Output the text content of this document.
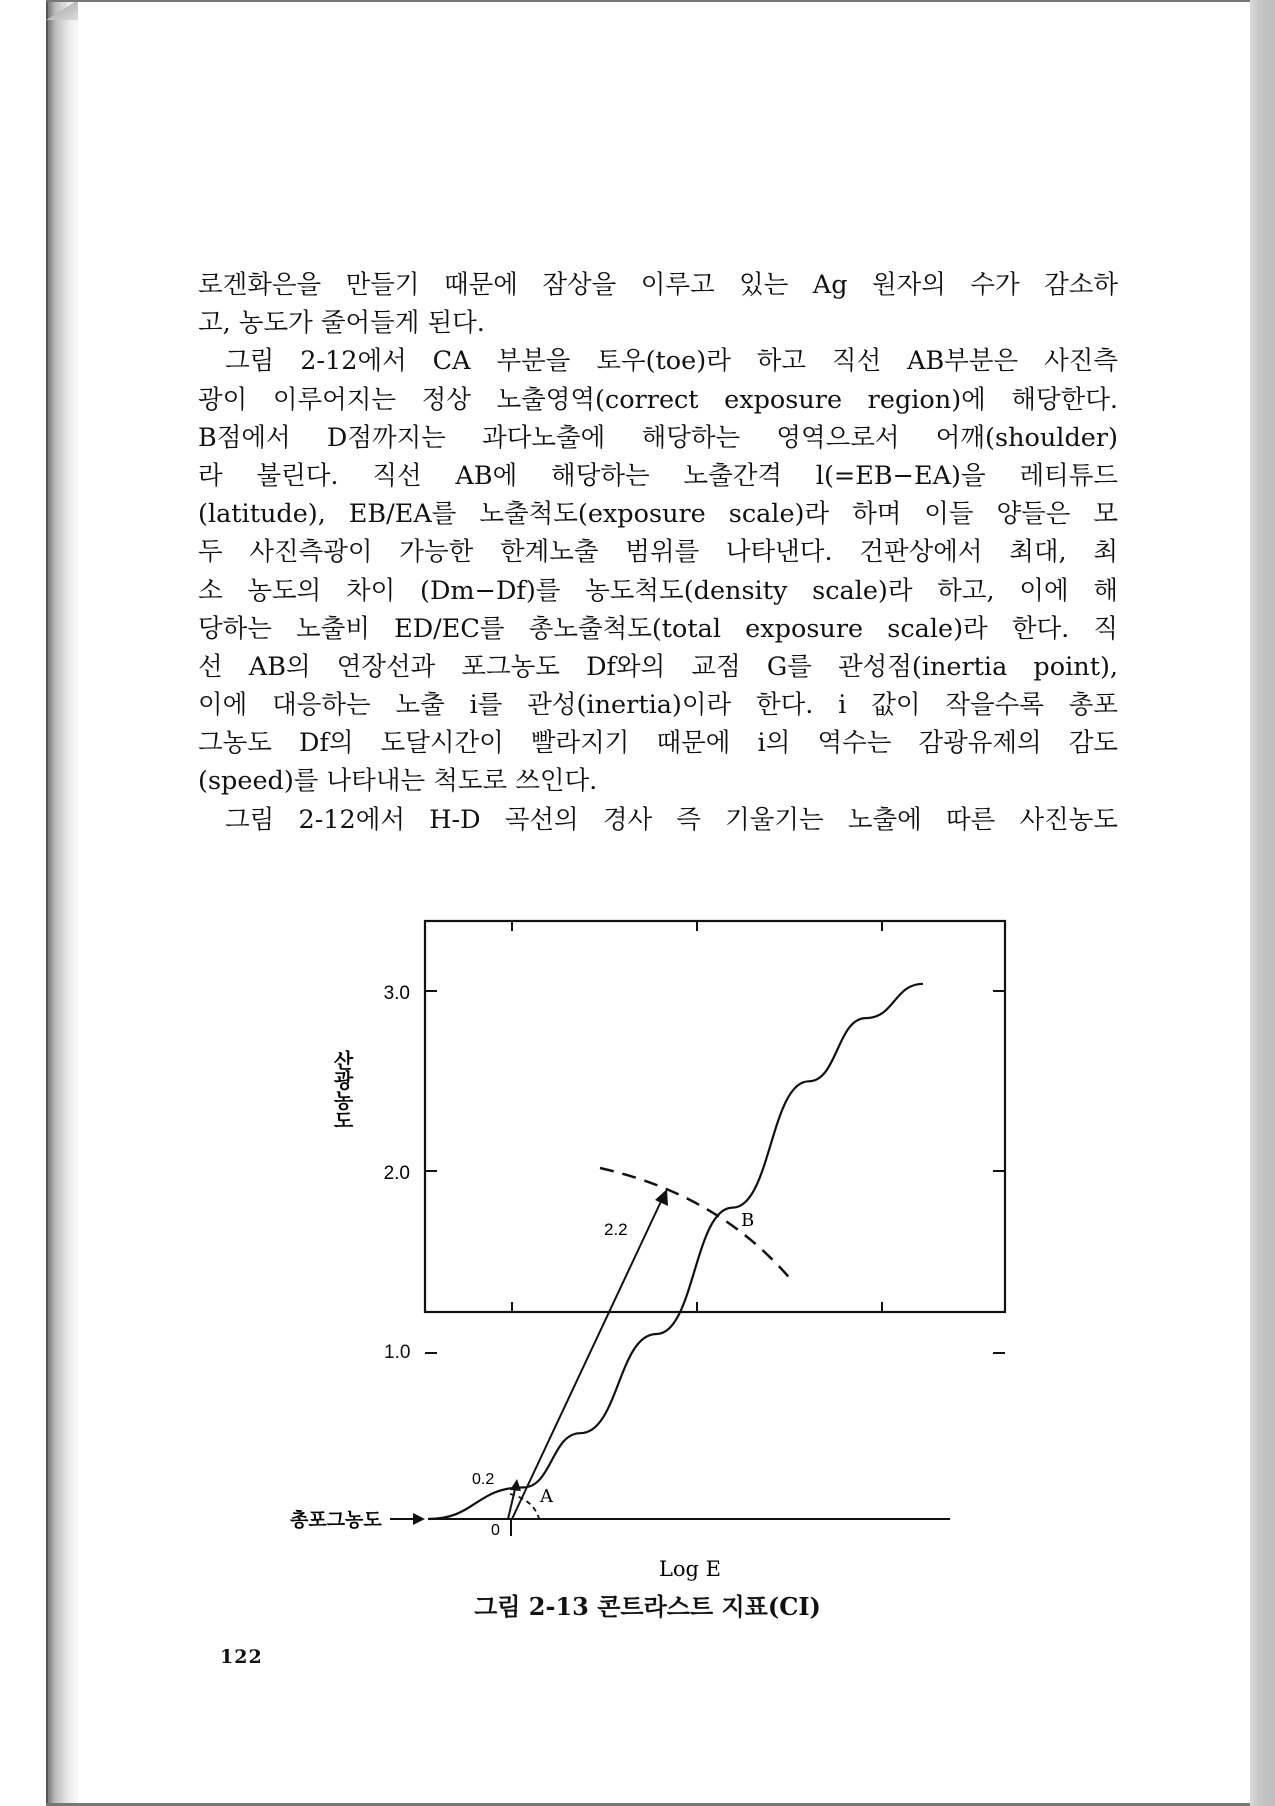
로겐화은을 만들기 때문에 잠상을 이루고 있는 Ag 원자의 수가 감소하
고, 농도가 줄어들게 된다.
그림 2-12에서 CA 부분을 토우(toe)라 하고 직선 AB부분은 사진측
광이 이루어지는 정상 노출영역(correct exposure region)에 해당한다.
B점에서 D점까지는 과다노출에 해당하는 영역으로서 어깨(shoulder)
라 불린다. 직선 AB에 해당하는 노출간격 l(=EB−EA)을 레티튜드
(latitude), EB/EA를 노출척도(exposure scale)라 하며 이들 양들은 모
두 사진측광이 가능한 한계노출 범위를 나타낸다. 건판상에서 최대, 최
소 농도의 차이 (Dm−Df)를 농도척도(density scale)라 하고, 이에 해
당하는 노출비 ED/EC를 총노출척도(total exposure scale)라 한다. 직
선 AB의 연장선과 포그농도 Df와의 교점 G를 관성점(inertia point),
이에 대응하는 노출 i를 관성(inertia)이라 한다. i 값이 작을수록 총포
그농도 Df의 도달시간이 빨라지기 때문에 i의 역수는 감광유제의 감도
(speed)를 나타내는 척도로 쓰인다.
그림 2-12에서 H-D 곡선의 경사 즉 기울기는 노출에 따른 사진농도
3.0
2.0
산광농도
Log E
총포그농도
2.2
0.2
A
B
0
1.0
그림 2-13 콘트라스트 지표(CI)
122
